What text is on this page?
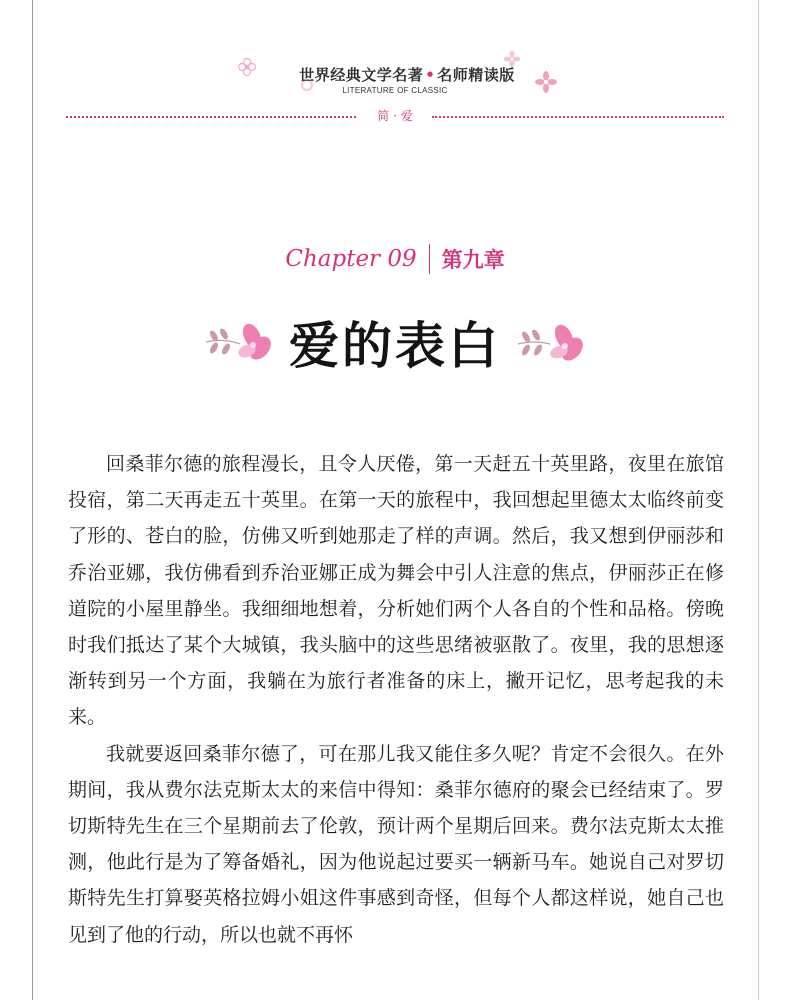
世界经典文学名著 • 名师精读版
LITERATURE OF CLASSIC
简 · 爱
Chapter 09 第九章
爱的表白

回桑菲尔德的旅程漫长，且令人厌倦，第一天赶五十英里路，夜里在旅馆投宿，第二天再走五十英里。在第一天的旅程中，我回想起里德太太临终前变了形的、苍白的脸，仿佛又听到她那走了样的声调。然后，我又想到伊丽莎和乔治亚娜，我仿佛看到乔治亚娜正成为舞会中引人注意的焦点，伊丽莎正在修道院的小屋里静坐。我细细地想着，分析她们两个人各自的个性和品格。傍晚时我们抵达了某个大城镇，我头脑中的这些思绪被驱散了。夜里，我的思想逐渐转到另一个方面，我躺在为旅行者准备的床上，撇开记忆，思考起我的未来。

我就要返回桑菲尔德了，可在那儿我又能住多久呢？肯定不会很久。在外期间，我从费尔法克斯太太的来信中得知：桑菲尔德府的聚会已经结束了。罗切斯特先生在三个星期前去了伦敦，预计两个星期后回来。费尔法克斯太太推测，他此行是为了筹备婚礼，因为他说起过要买一辆新马车。她说自己对罗切斯特先生打算娶英格拉姆小姐这件事感到奇怪，但每个人都这样说，她自己也见到了他的行动，所以也就不再怀
